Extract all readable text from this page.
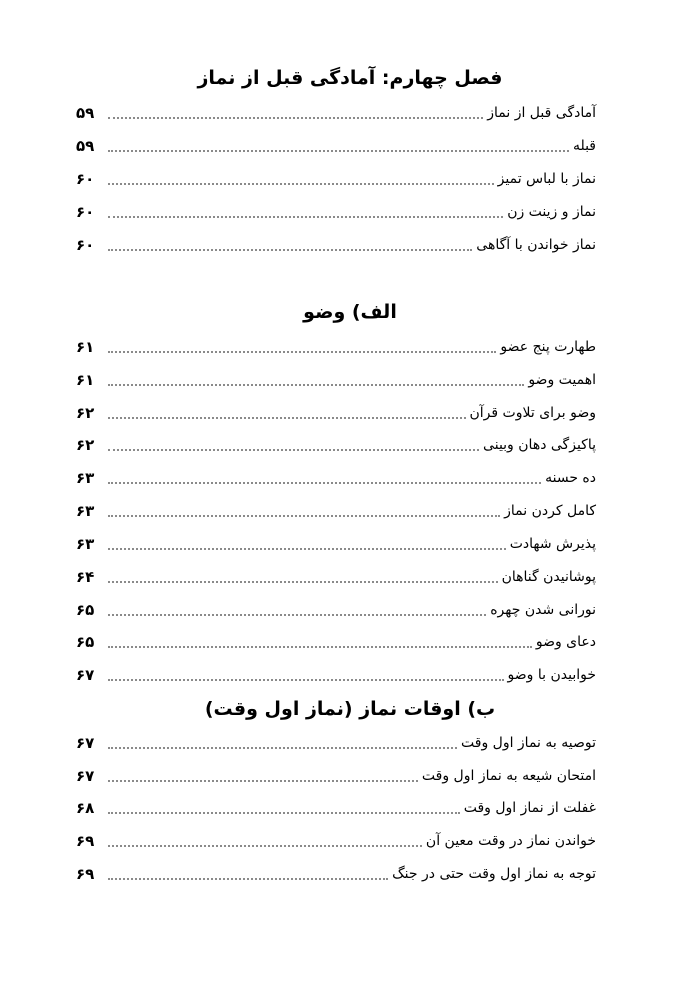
فصل چهارم: آمادگی قبل از نماز
آمادگی قبل از نماز
۵۹
قبله
۵۹
نماز با لباس تمیز
۶۰
نماز و زینت زن
۶۰
نماز خواندن با آگاهی
۶۰
الف) وضو
طهارت پنج عضو
۶۱
اهمیت وضو
۶۱
وضو برای تلاوت قرآن
۶۲
پاکیزگی دهان وبینی
۶۲
ده حسنه
۶۳
کامل کردن نماز
۶۳
پذیرش شهادت
۶۳
پوشانیدن گناهان
۶۴
نورانی شدن چهره
۶۵
دعای وضو
۶۵
خوابیدن با وضو
۶۷
ب) اوقات نماز (نماز اول وقت)
توصیه به نماز اول وقت
۶۷
امتحان شیعه به نماز اول وقت
۶۷
غفلت از نماز اول وقت
۶۸
خواندن نماز در وقت معین آن
۶۹
توجه به نماز اول وقت حتی در جنگ
۶۹
